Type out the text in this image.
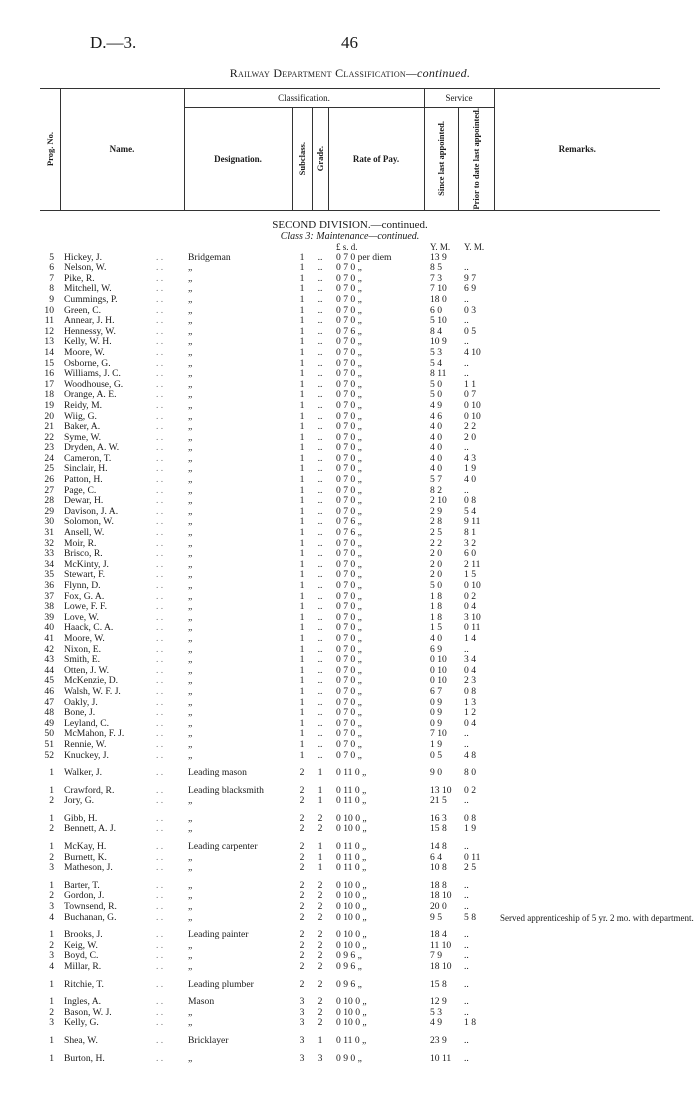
D.—3.	46
Railway Department Classification—continued.
Prog. No.	Name.		Classification.				Service		Remarks.
			Designation.	Subclass.	Grade.	Rate of Pay.	Since last appointed.	Prior to date last appointed.	

SECOND DIVISION.—continued.									
Class 3: Maintenance—continued.									
						£ s. d.	Y. M.	Y. M.	
5	Hickey, J.	. .	Bridgeman	1	..	0 7 0 per diem	13 9		
6	Nelson, W.	. .	„	1	..	0 7 0 „	8 5	..	
7	Pike, R.	. .	„	1	..	0 7 0 „	7 3	9 7	
8	Mitchell, W.	. .	„	1	..	0 7 0 „	7 10	6 9	
9	Cummings, P.	. .	„	1	..	0 7 0 „	18 0	..	
10	Green, C.	. .	„	1	..	0 7 0 „	6 0	0 3	
11	Annear, J. H.	. .	„	1	..	0 7 0 „	5 10	..	
12	Hennessy, W.	. .	„	1	..	0 7 6 „	8 4	0 5	
13	Kelly, W. H.	. .	„	1	..	0 7 0 „	10 9	..	
14	Moore, W.	. .	„	1	..	0 7 0 „	5 3	4 10	
15	Osborne, G.	. .	„	1	..	0 7 0 „	5 4	..	
16	Williams, J. C.	. .	„	1	..	0 7 0 „	8 11	..	
17	Woodhouse, G.	. .	„	1	..	0 7 0 „	5 0	1 1	
18	Orange, A. E.	. .	„	1	..	0 7 0 „	5 0	0 7	
19	Reidy, M.	. .	„	1	..	0 7 0 „	4 9	0 10	
20	Wiig, G.	. .	„	1	..	0 7 0 „	4 6	0 10	
21	Baker, A.	. .	„	1	..	0 7 0 „	4 0	2 2	
22	Syme, W.	. .	„	1	..	0 7 0 „	4 0	2 0	
23	Dryden, A. W.	. .	„	1	..	0 7 0 „	4 0	..	
24	Cameron, T.	. .	„	1	..	0 7 0 „	4 0	4 3	
25	Sinclair, H.	. .	„	1	..	0 7 0 „	4 0	1 9	
26	Patton, H.	. .	„	1	..	0 7 0 „	5 7	4 0	
27	Page, C.	. .	„	1	..	0 7 0 „	8 2	..	
28	Dewar, H.	. .	„	1	..	0 7 0 „	2 10	0 8	
29	Davison, J. A.	. .	„	1	..	0 7 0 „	2 9	5 4	
30	Solomon, W.	. .	„	1	..	0 7 6 „	2 8	9 11	
31	Ansell, W.	. .	„	1	..	0 7 6 „	2 5	8 1	
32	Moir, R.	. .	„	1	..	0 7 0 „	2 2	3 2	
33	Brisco, R.	. .	„	1	..	0 7 0 „	2 0	6 0	
34	McKinty, J.	. .	„	1	..	0 7 0 „	2 0	2 11	
35	Stewart, F.	. .	„	1	..	0 7 0 „	2 0	1 5	
36	Flynn, D.	. .	„	1	..	0 7 0 „	5 0	0 10	
37	Fox, G. A.	. .	„	1	..	0 7 0 „	1 8	0 2	
38	Lowe, F. F.	. .	„	1	..	0 7 0 „	1 8	0 4	
39	Love, W.	. .	„	1	..	0 7 0 „	1 8	3 10	
40	Haack, C. A.	. .	„	1	..	0 7 0 „	1 5	0 11	
41	Moore, W.	. .	„	1	..	0 7 0 „	4 0	1 4	
42	Nixon, E.	. .	„	1	..	0 7 0 „	6 9	..	
43	Smith, E.	. .	„	1	..	0 7 0 „	0 10	3 4	
44	Otten, J. W.	. .	„	1	..	0 7 0 „	0 10	0 4	
45	McKenzie, D.	. .	„	1	..	0 7 0 „	0 10	2 3	
46	Walsh, W. F. J.	. .	„	1	..	0 7 0 „	6 7	0 8	
47	Oakly, J.	. .	„	1	..	0 7 0 „	0 9	1 3	
48	Bone, J.	. .	„	1	..	0 7 0 „	0 9	1 2	
49	Leyland, C.	. .	„	1	..	0 7 0 „	0 9	0 4	
50	McMahon, F. J.	. .	„	1	..	0 7 0 „	7 10	..	
51	Rennie, W.	. .	„	1	..	0 7 0 „	1 9	..	
52	Knuckey, J.	. .	„	1	..	0 7 0 „	0 5	4 8	

1	Walker, J.	. .	Leading mason	2	1	0 11 0 „	9 0	8 0	

1	Crawford, R.	. .	Leading blacksmith	2	1	0 11 0 „	13 10	0 2	
2	Jory, G.	. .	„	2	1	0 11 0 „	21 5	..	

1	Gibb, H.	. .	„	2	2	0 10 0 „	16 3	0 8	
2	Bennett, A. J.	. .	„	2	2	0 10 0 „	15 8	1 9	

1	McKay, H.	. .	Leading carpenter	2	1	0 11 0 „	14 8	..	
2	Burnett, K.	. .	„	2	1	0 11 0 „	6 4	0 11	
3	Matheson, J.	. .	„	2	1	0 11 0 „	10 8	2 5	

1	Barter, T.	. .	„	2	2	0 10 0 „	18 8	..	
2	Gordon, J.	. .	„	2	2	0 10 0 „	18 10	..	
3	Townsend, R.	. .	„	2	2	0 10 0 „	20 0	..	
4	Buchanan, G.	. .	„	2	2	0 10 0 „	9 5	5 8	Served apprenticeship of 5 yr. 2 mo. with department.

1	Brooks, J.	. .	Leading painter	2	2	0 10 0 „	18 4	..	
2	Keig, W.	. .	„	2	2	0 10 0 „	11 10	..	
3	Boyd, C.	. .	„	2	2	0 9 6 „	7 9	..	
4	Millar, R.	. .	„	2	2	0 9 6 „	18 10	..	

1	Ritchie, T.	. .	Leading plumber	2	2	0 9 6 „	15 8	..	

1	Ingles, A.	. .	Mason	3	2	0 10 0 „	12 9	..	
2	Bason, W. J.	. .	„	3	2	0 10 0 „	5 3	..	
3	Kelly, G.	. .	„	3	2	0 10 0 „	4 9	1 8	

1	Shea, W.	. .	Bricklayer	3	1	0 11 0 „	23 9	..	

1	Burton, H.	. .	„	3	3	0 9 0 „	10 11	..	
